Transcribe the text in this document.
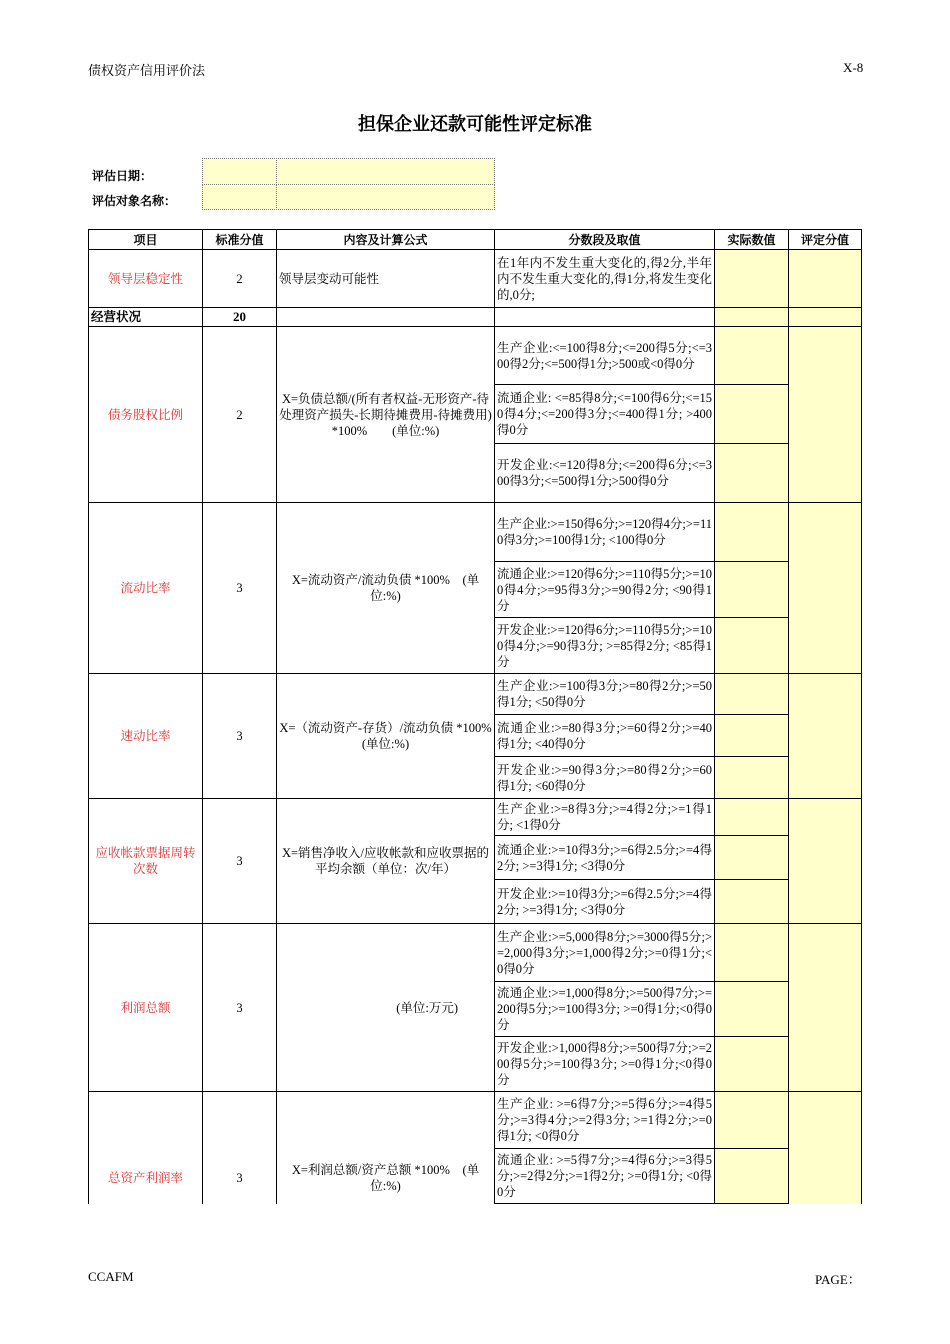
债权资产信用评价法	X-8
担保企业还款可能性评定标准
评估日期：
评估对象名称：
项目	标准分值	内容及计算公式	分数段及取值	实际数值	评定分值
领导层稳定性	2	领导层变动可能性	在1年内不发生重大变化的,得2分,半年内不发生重大变化的,得1分,将发生变化的,0分;		
经营状况	20				
债务股权比例	2	X=负债总额/(所有者权益-无形资产-待处理资产损失-长期待摊费用-待摊费用) *100%　　(单位:%)	生产企业:<=100得8分;<=200得5分;<=300得2分;<=500得1分;>500或<0得0分		
			流通企业: <=85得8分;<=100得6分;<=150得4分;<=200得3分;<=400得1分; >400得0分		
			开发企业:<=120得8分;<=200得6分;<=300得3分;<=500得1分;>500得0分		
流动比率	3	X=流动资产/流动负债 *100%　(单位:%)	生产企业:>=150得6分;>=120得4分;>=110得3分;>=100得1分; <100得0分		
			流通企业:>=120得6分;>=110得5分;>=100得4分;>=95得3分;>=90得2分; <90得1分		
			开发企业:>=120得6分;>=110得5分;>=100得4分;>=90得3分; >=85得2分; <85得1分		
速动比率	3	X=（流动资产-存货）/流动负债 *100% (单位:%)	生产企业:>=100得3分;>=80得2分;>=50得1分; <50得0分		
			流通企业:>=80得3分;>=60得2分;>=40得1分; <40得0分		
			开发企业:>=90得3分;>=80得2分;>=60得1分; <60得0分		
应收帐款票据周转次数	3	X=销售净收入/应收帐款和应收票据的平均余额（单位：次/年）	生产企业:>=8得3分;>=4得2分;>=1得1分; <1得0分		
			流通企业:>=10得3分;>=6得2.5分;>=4得2分; >=3得1分; <3得0分		
			开发企业:>=10得3分;>=6得2.5分;>=4得2分; >=3得1分; <3得0分		
利润总额	3	(单位:万元)	生产企业:>=5,000得8分;>=3000得5分;>=2,000得3分;>=1,000得2分;>=0得1分;<0得0分		
			流通企业:>=1,000得8分;>=500得7分;>=200得5分;>=100得3分; >=0得1分;<0得0分		
			开发企业:>1,000得8分;>=500得7分;>=200得5分;>=100得3分; >=0得1分;<0得0分		
总资产利润率	3	X=利润总额/资产总额 *100%　(单位:%)	生产企业: >=6得7分;>=5得6分;>=4得5分;>=3得4分;>=2得3分; >=1得2分;>=0得1分; <0得0分		
			流通企业: >=5得7分;>=4得6分;>=3得5分;>=2得2分;>=1得2分; >=0得1分; <0得0分		
CCAFM	PAGE：
